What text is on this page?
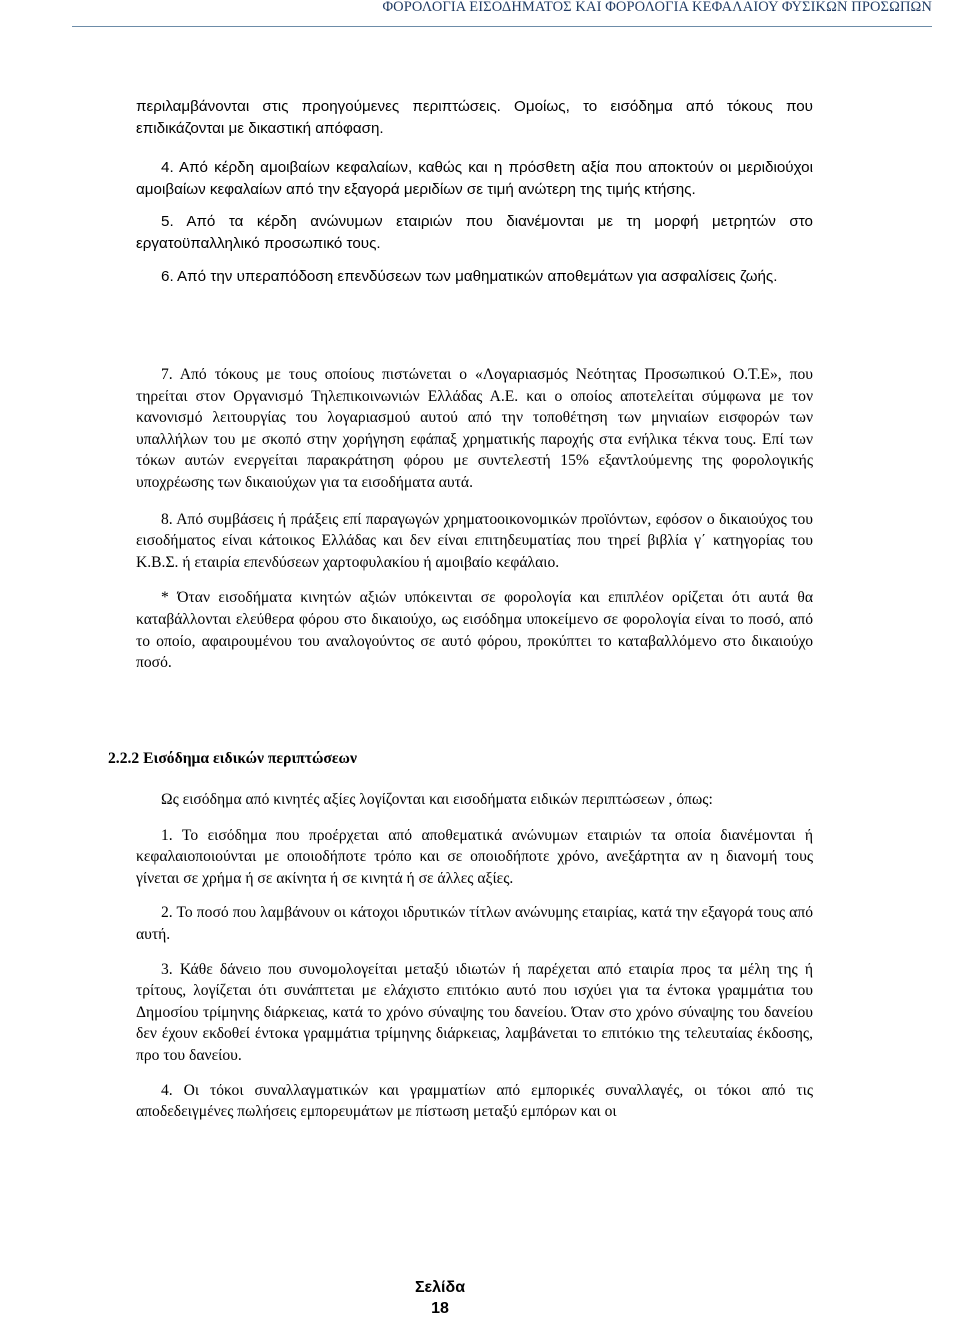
ΦΟΡΟΛΟΓΙΑ ΕΙΣΟΔΗΜΑΤΟΣ ΚΑΙ ΦΟΡΟΛΟΓΙΑ ΚΕΦΑΛΑΙΟΥ ΦΥΣΙΚΩΝ ΠΡΟΣΩΠΩΝ

περιλαμβάνονται στις προηγούμενες περιπτώσεις. Ομοίως, το εισόδημα από τόκους που επιδικάζονται με δικαστική απόφαση.

4. Από κέρδη αμοιβαίων κεφαλαίων, καθώς και η πρόσθετη αξία που αποκτούν οι μεριδιούχοι αμοιβαίων κεφαλαίων από την εξαγορά μεριδίων σε τιμή ανώτερη της τιμής κτήσης.

5. Από τα κέρδη ανώνυμων εταιριών που διανέμονται με τη μορφή μετρητών στο εργατοϋπαλληλικό προσωπικό τους.

6. Από την υπεραπόδοση επενδύσεων των μαθηματικών αποθεμάτων για ασφαλίσεις ζωής.

7. Από τόκους με τους οποίους πιστώνεται ο «Λογαριασμός Νεότητας Προσωπικού Ο.Τ.Ε», που τηρείται στον Οργανισμό Τηλεπικοινωνιών Ελλάδας Α.Ε. και ο οποίος αποτελείται σύμφωνα με τον κανονισμό λειτουργίας του λογαριασμού αυτού από την τοποθέτηση των μηνιαίων εισφορών των υπαλλήλων του με σκοπό στην χορήγηση εφάπαξ χρηματικής παροχής στα ενήλικα τέκνα τους. Επί των τόκων αυτών ενεργείται παρακράτηση φόρου με συντελεστή 15% εξαντλούμενης της φορολογικής υποχρέωσης των δικαιούχων για τα εισοδήματα αυτά.

8. Από συμβάσεις ή πράξεις επί παραγωγών χρηματοοικονομικών προϊόντων, εφόσον ο δικαιούχος του εισοδήματος είναι κάτοικος Ελλάδας και δεν είναι επιτηδευματίας που τηρεί βιβλία γ΄ κατηγορίας του Κ.Β.Σ. ή εταιρία επενδύσεων χαρτοφυλακίου ή αμοιβαίο κεφάλαιο.

* Όταν εισοδήματα κινητών αξιών υπόκεινται σε φορολογία και επιπλέον ορίζεται ότι αυτά θα καταβάλλονται ελεύθερα φόρου στο δικαιούχο, ως εισόδημα υποκείμενο σε φορολογία είναι το ποσό, από το οποίο, αφαιρουμένου του αναλογούντος σε αυτό φόρου, προκύπτει το καταβαλλόμενο στο δικαιούχο ποσό.

2.2.2 Εισόδημα ειδικών περιπτώσεων

Ως εισόδημα από κινητές αξίες λογίζονται και εισοδήματα ειδικών περιπτώσεων , όπως:

1. Το εισόδημα που προέρχεται από αποθεματικά ανώνυμων εταιριών τα οποία διανέμονται ή κεφαλαιοποιούνται με οποιοδήποτε τρόπο και σε οποιοδήποτε χρόνο, ανεξάρτητα αν η διανομή τους γίνεται σε χρήμα ή σε ακίνητα ή σε κινητά ή σε άλλες αξίες.

2. Το ποσό που λαμβάνουν οι κάτοχοι ιδρυτικών τίτλων ανώνυμης εταιρίας, κατά την εξαγορά τους από αυτή.

3. Κάθε δάνειο που συνομολογείται μεταξύ ιδιωτών ή παρέχεται από εταιρία προς τα μέλη της ή τρίτους, λογίζεται ότι συνάπτεται με ελάχιστο επιτόκιο αυτό που ισχύει για τα έντοκα γραμμάτια του Δημοσίου τρίμηνης διάρκειας, κατά το χρόνο σύναψης του δανείου. Όταν στο χρόνο σύναψης του δανείου δεν έχουν εκδοθεί έντοκα γραμμάτια τρίμηνης διάρκειας, λαμβάνεται το επιτόκιο της τελευταίας έκδοσης, προ του δανείου.

4. Οι τόκοι συναλλαγματικών και γραμματίων από εμπορικές συναλλαγές, οι τόκοι από τις αποδεδειγμένες πωλήσεις εμπορευμάτων με πίστωση μεταξύ εμπόρων και οι

Σελίδα
18
